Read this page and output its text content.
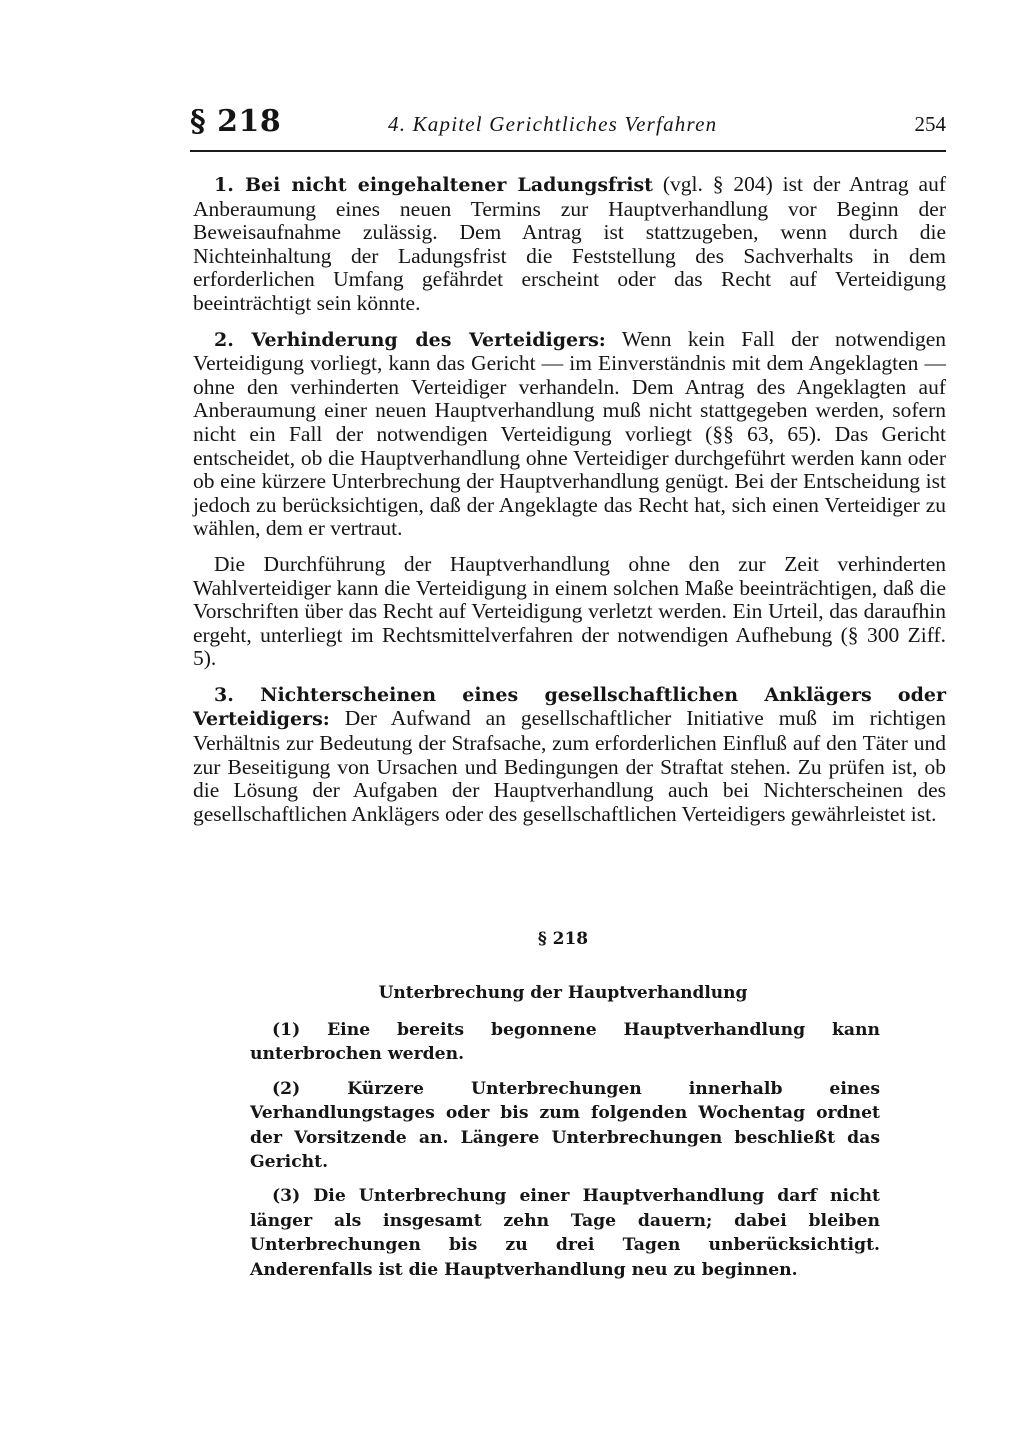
§ 218	4. Kapitel Gerichtliches Verfahren	254

1. Bei nicht eingehaltener Ladungsfrist (vgl. § 204) ist der Antrag auf Anberaumung eines neuen Termins zur Hauptverhandlung vor Beginn der Beweisaufnahme zulässig. Dem Antrag ist stattzugeben, wenn durch die Nichteinhaltung der Ladungsfrist die Feststellung des Sachverhalts in dem erforderlichen Umfang gefährdet erscheint oder das Recht auf Verteidigung beeinträchtigt sein könnte.

2. Verhinderung des Verteidigers: Wenn kein Fall der notwendigen Verteidigung vorliegt, kann das Gericht — im Einverständnis mit dem Angeklagten — ohne den verhinderten Verteidiger verhandeln. Dem Antrag des Angeklagten auf Anberaumung einer neuen Hauptverhandlung muß nicht stattgegeben werden, sofern nicht ein Fall der notwendigen Verteidigung vorliegt (§§ 63, 65). Das Gericht entscheidet, ob die Hauptverhandlung ohne Verteidiger durchgeführt werden kann oder ob eine kürzere Unterbrechung der Hauptverhandlung genügt. Bei der Entscheidung ist jedoch zu berücksichtigen, daß der Angeklagte das Recht hat, sich einen Verteidiger zu wählen, dem er vertraut.

Die Durchführung der Hauptverhandlung ohne den zur Zeit verhinderten Wahlverteidiger kann die Verteidigung in einem solchen Maße beeinträchtigen, daß die Vorschriften über das Recht auf Verteidigung verletzt werden. Ein Urteil, das daraufhin ergeht, unterliegt im Rechtsmittelverfahren der notwendigen Aufhebung (§ 300 Ziff. 5).

3. Nichterscheinen eines gesellschaftlichen Anklägers oder Verteidigers: Der Aufwand an gesellschaftlicher Initiative muß im richtigen Verhältnis zur Bedeutung der Strafsache, zum erforderlichen Einfluß auf den Täter und zur Beseitigung von Ursachen und Bedingungen der Straftat stehen. Zu prüfen ist, ob die Lösung der Aufgaben der Hauptverhandlung auch bei Nichterscheinen des gesellschaftlichen Anklägers oder des gesellschaftlichen Verteidigers gewährleistet ist.

§ 218
Unterbrechung der Hauptverhandlung

(1) Eine bereits begonnene Hauptverhandlung kann unterbrochen werden.

(2) Kürzere Unterbrechungen innerhalb eines Verhandlungstages oder bis zum folgenden Wochentag ordnet der Vorsitzende an. Längere Unterbrechungen beschließt das Gericht.

(3) Die Unterbrechung einer Hauptverhandlung darf nicht länger als insgesamt zehn Tage dauern; dabei bleiben Unterbrechungen bis zu drei Tagen unberücksichtigt. Anderenfalls ist die Hauptverhandlung neu zu beginnen.
